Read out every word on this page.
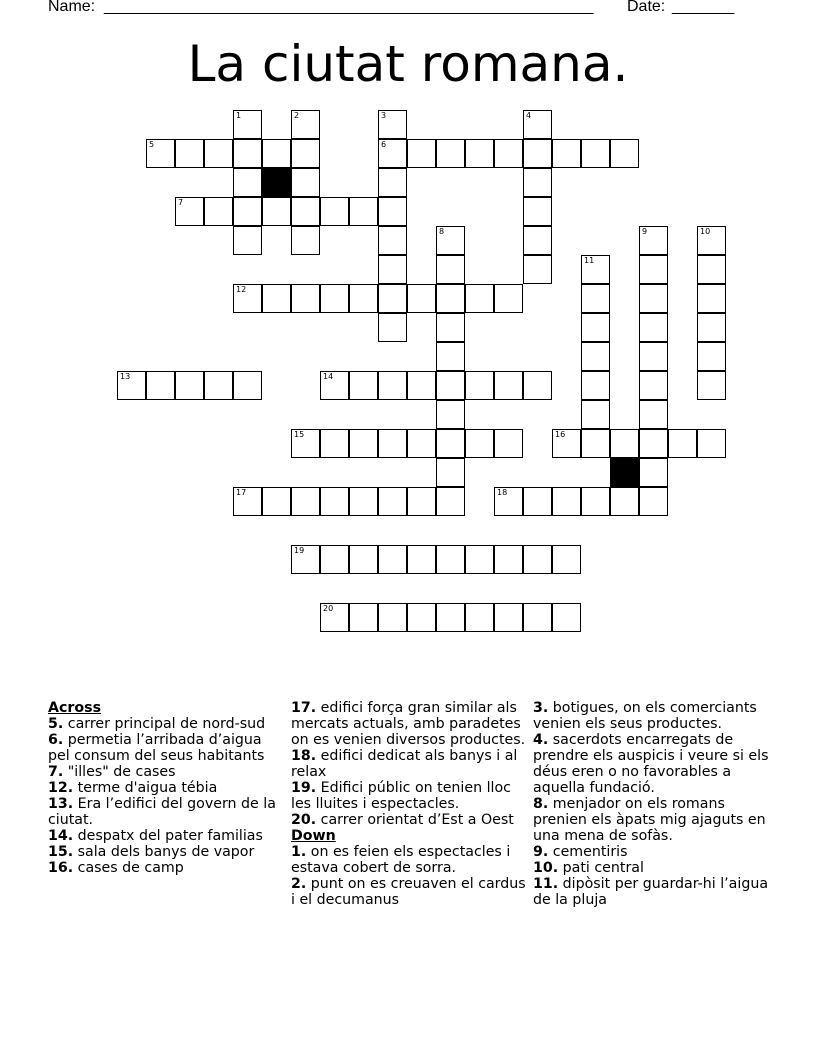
Name: _______________________________________________________ Date: _______
La ciutat romana.
1	2	3	4
5	6
7
8	9	10
11
12
13	14
15	16
17	18
19
20
Across
5. carrer principal de nord-sud
6. permetia l’arribada d’aigua pel consum del seus habitants
7. "illes" de cases
12. terme d'aigua tébia
13. Era l’edifici del govern de la ciutat.
14. despatx del pater familias
15. sala dels banys de vapor
16. cases de camp
17. edifici força gran similar als mercats actuals, amb paradetes on es venien diversos productes.
18. edifici dedicat als banys i al relax
19. Edifici públic on tenien lloc les lluites i espectacles.
20. carrer orientat d’Est a Oest
Down
1. on es feien els espectacles i estava cobert de sorra.
2. punt on es creuaven el cardus i el decumanus
3. botigues, on els comerciants venien els seus productes.
4. sacerdots encarregats de prendre els auspicis i veure si els déus eren o no favorables a aquella fundació.
8. menjador on els romans prenien els àpats mig ajaguts en una mena de sofàs.
9. cementiris
10. pati central
11. dipòsit per guardar-hi l’aigua de la pluja
